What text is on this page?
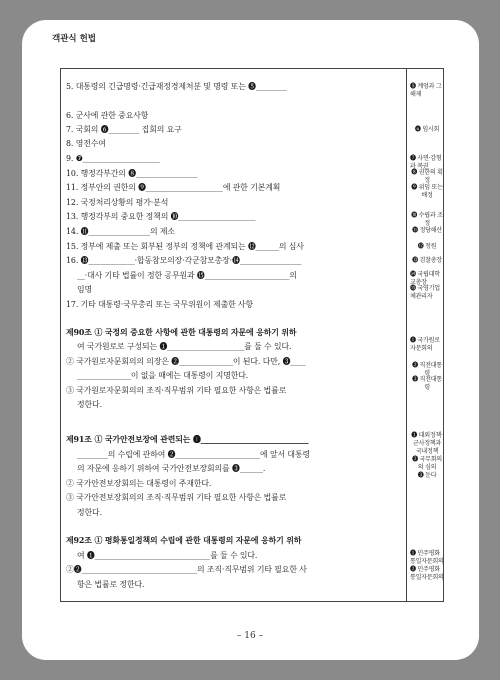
객관식 헌법
5. 대통령의 긴급명령·긴급재정경제처분 및 명령 또는 ❺________
6. 군사에 관한 중요사항
7. 국회의 ❻________ 집회의 요구
8. 영전수여
9. ❼____________________
10. 행정각부간의 ❽________________
11. 정부안의 권한의 ❾____________________에 관한 기본계획
12. 국정처리상황의 평가·분석
13. 행정각부의 중요한 정책의 ❿____________________
14. ⓫________________의 제소
15. 정부에 제출 또는 회부된 정부의 정책에 관계되는 ⓬______의 심사
16. ⓭____________·합동참모의장·각군참모총장·⓮________________
__·대사 기타 법률이 정한 공무원과 ⓯______________________의
임명
17. 기타 대통령·국무총리 또는 국무위원이 제출한 사항
제90조 ① 국정의 중요한 사항에 관한 대통령의 자문에 응하기 위하
여 국가원로로 구성되는 ❶____________________를 둘 수 있다.
② 국가원로자문회의의 의장은 ❷______________이 된다. 다만, ❸____
______________이 없을 때에는 대통령이 지명한다.
③ 국가원로자문회의의 조직·직무범위 기타 필요한 사항은 법률로
정한다.
제91조 ① 국가안전보장에 관련되는 ❶____________________________
________의 수립에 관하여 ❷______________________에 앞서 대통령
의 자문에 응하기 위하여 국가안전보장회의를 ❸______.
② 국가안전보장회의는 대통령이 주재한다.
③ 국가안전보장회의의 조직·직무범위 기타 필요한 사항은 법률로
정한다.
제92조 ① 평화통일정책의 수립에 관한 대통령의 자문에 응하기 위하
여 ❶______________________________를 둘 수 있다.
②❷______________________________의 조직·직무범위 기타 필요한 사
항은 법률로 정한다.
❺ 계엄과 그 해제
❻ 임시회
❼ 사면·감형과 복권
❽ 권한의 획정
❾ 위임 또는 배정
❿ 수립과 조정
⓫ 정당해산
⓬ 청원
⓭ 검찰총장
⓮ 국립대학교총장
⓯ 국영기업체관리자
❶ 국가원로자문회의
❷ 직전대통령
❸ 직전대통령
❶ 대외정책·군사정책과 국내정책
❷ 국무회의의 심의
❸ 둔다
❶ 민주평화통일자문회의
❷ 민주평화통일자문회의
– 16 –
